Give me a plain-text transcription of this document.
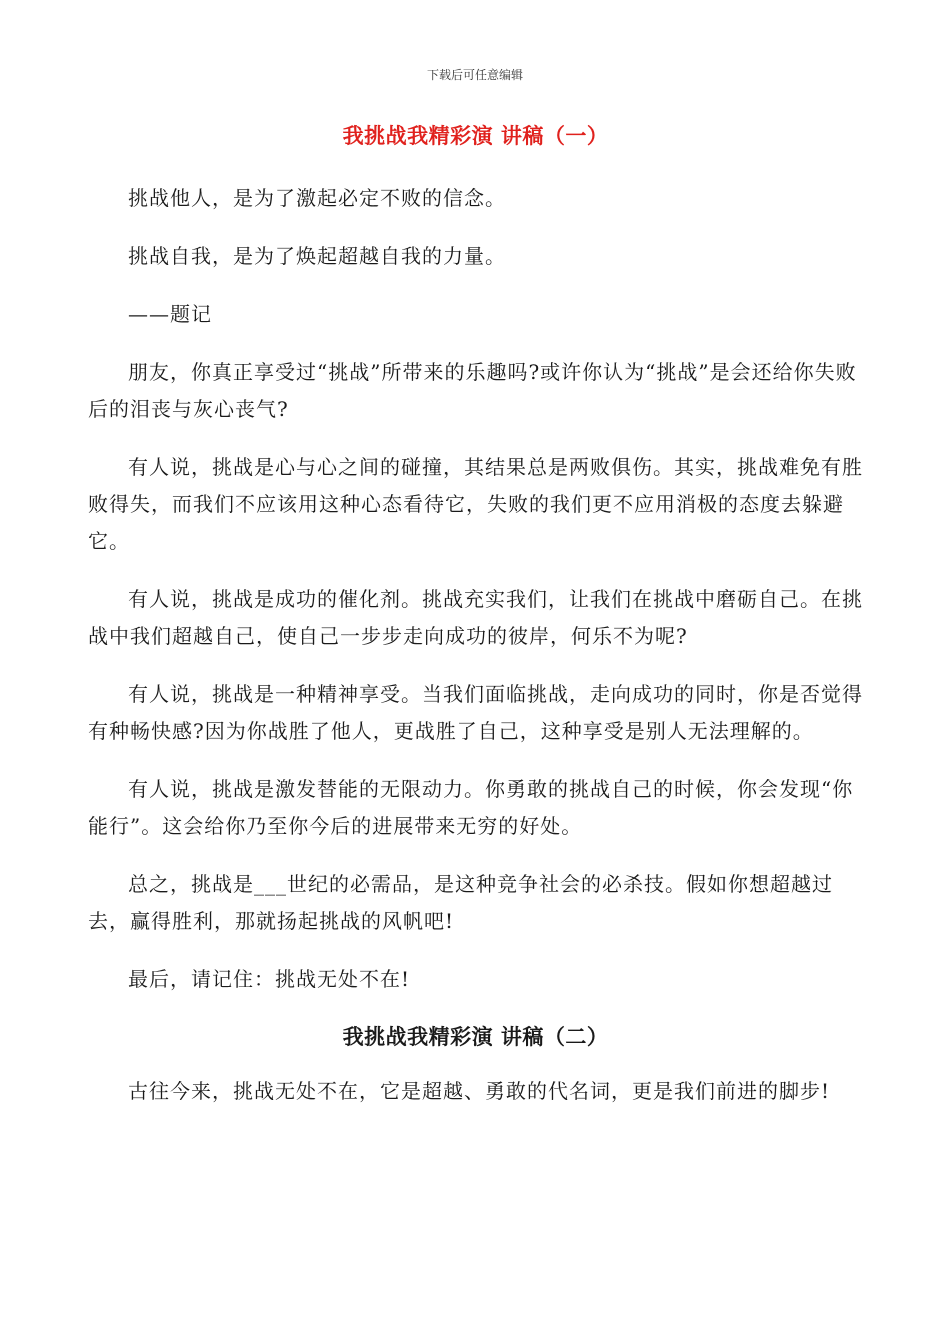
下载后可任意编辑
我挑战我精彩演 讲稿（一）

挑战他人，是为了激起必定不败的信念。

挑战自我，是为了焕起超越自我的力量。

——题记

朋友，你真正享受过“挑战”所带来的乐趣吗?或许你认为“挑战”是会还给你失败后的泪丧与灰心丧气?

有人说，挑战是心与心之间的碰撞，其结果总是两败俱伤。其实，挑战难免有胜败得失，而我们不应该用这种心态看待它，失败的我们更不应用消极的态度去躲避它。

有人说，挑战是成功的催化剂。挑战充实我们，让我们在挑战中磨砺自己。在挑战中我们超越自己，使自己一步步走向成功的彼岸，何乐不为呢?

有人说，挑战是一种精神享受。当我们面临挑战，走向成功的同时，你是否觉得有种畅快感?因为你战胜了他人，更战胜了自己，这种享受是别人无法理解的。

有人说，挑战是激发替能的无限动力。你勇敢的挑战自己的时候，你会发现“你能行”。这会给你乃至你今后的进展带来无穷的好处。

总之，挑战是___世纪的必需品，是这种竞争社会的必杀技。假如你想超越过去，赢得胜利，那就扬起挑战的风帆吧!

最后，请记住：挑战无处不在!

我挑战我精彩演 讲稿（二）

古往今来，挑战无处不在，它是超越、勇敢的代名词，更是我们前进的脚步!
